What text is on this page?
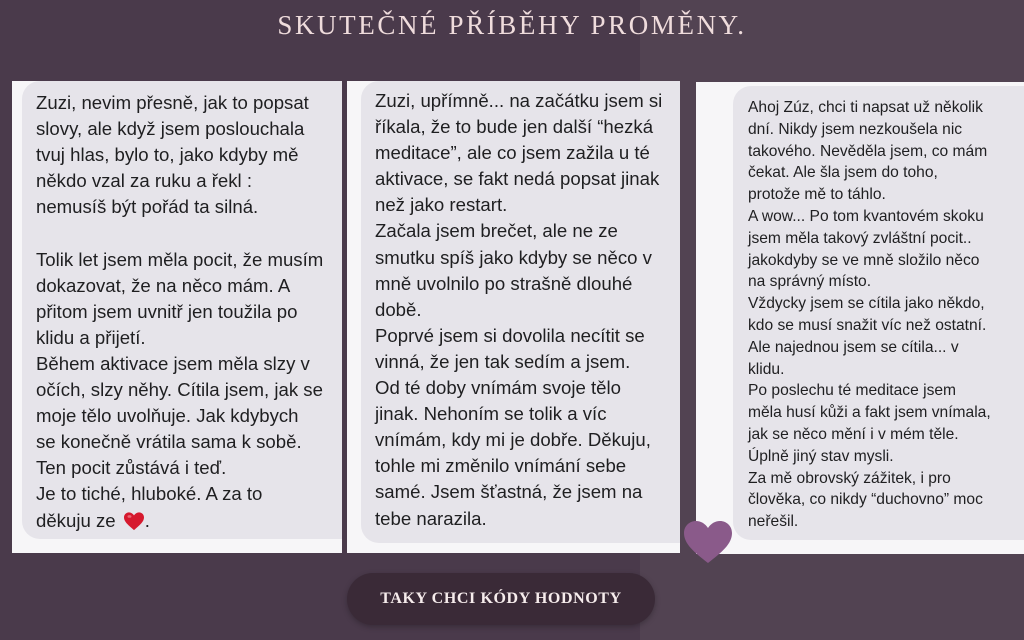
SKUTEČNÉ PŘÍBĚHY PROMĚNY.

Zuzi, nevim přesně, jak to popsat
slovy, ale když jsem poslouchala
tvuj hlas, bylo to, jako kdyby mě
někdo vzal za ruku a řekl :
nemusíš být pořád ta silná.

Tolik let jsem měla pocit, že musím
dokazovat, že na něco mám. A
přitom jsem uvnitř jen toužila po
klidu a přijetí.
Během aktivace jsem měla slzy v
očích, slzy něhy. Cítila jsem, jak se
moje tělo uvolňuje. Jak kdybych
se konečně vrátila sama k sobě.
Ten pocit zůstává i teď.
Je to tiché, hluboké. A za to
děkuju ze .

Zuzi, upřímně... na začátku jsem si
říkala, že to bude jen další “hezká
meditace”, ale co jsem zažila u té
aktivace, se fakt nedá popsat jinak
než jako restart.
Začala jsem brečet, ale ne ze
smutku spíš jako kdyby se něco v
mně uvolnilo po strašně dlouhé
době.
Poprvé jsem si dovolila necítit se
vinná, že jen tak sedím a jsem.
Od té doby vnímám svoje tělo
jinak. Nehoním se tolik a víc
vnímám, kdy mi je dobře. Děkuju,
tohle mi změnilo vnímání sebe
samé. Jsem šťastná, že jsem na
tebe narazila.

Ahoj Zúz, chci ti napsat už několik
dní. Nikdy jsem nezkoušela nic
takového. Nevěděla jsem, co mám
čekat. Ale šla jsem do toho,
protože mě to táhlo.
A wow... Po tom kvantovém skoku
jsem měla takový zvláštní pocit..
jakokdyby se ve mně složilo něco
na správný místo.
Vždycky jsem se cítila jako někdo,
kdo se musí snažit víc než ostatní.
Ale najednou jsem se cítila... v
klidu.
Po poslechu té meditace jsem
měla husí kůži a fakt jsem vnímala,
jak se něco mění i v mém těle.
Úplně jiný stav mysli.
Za mě obrovský zážitek, i pro
člověka, co nikdy “duchovno” moc
neřešil.

TAKY CHCI KÓDY HODNOTY
